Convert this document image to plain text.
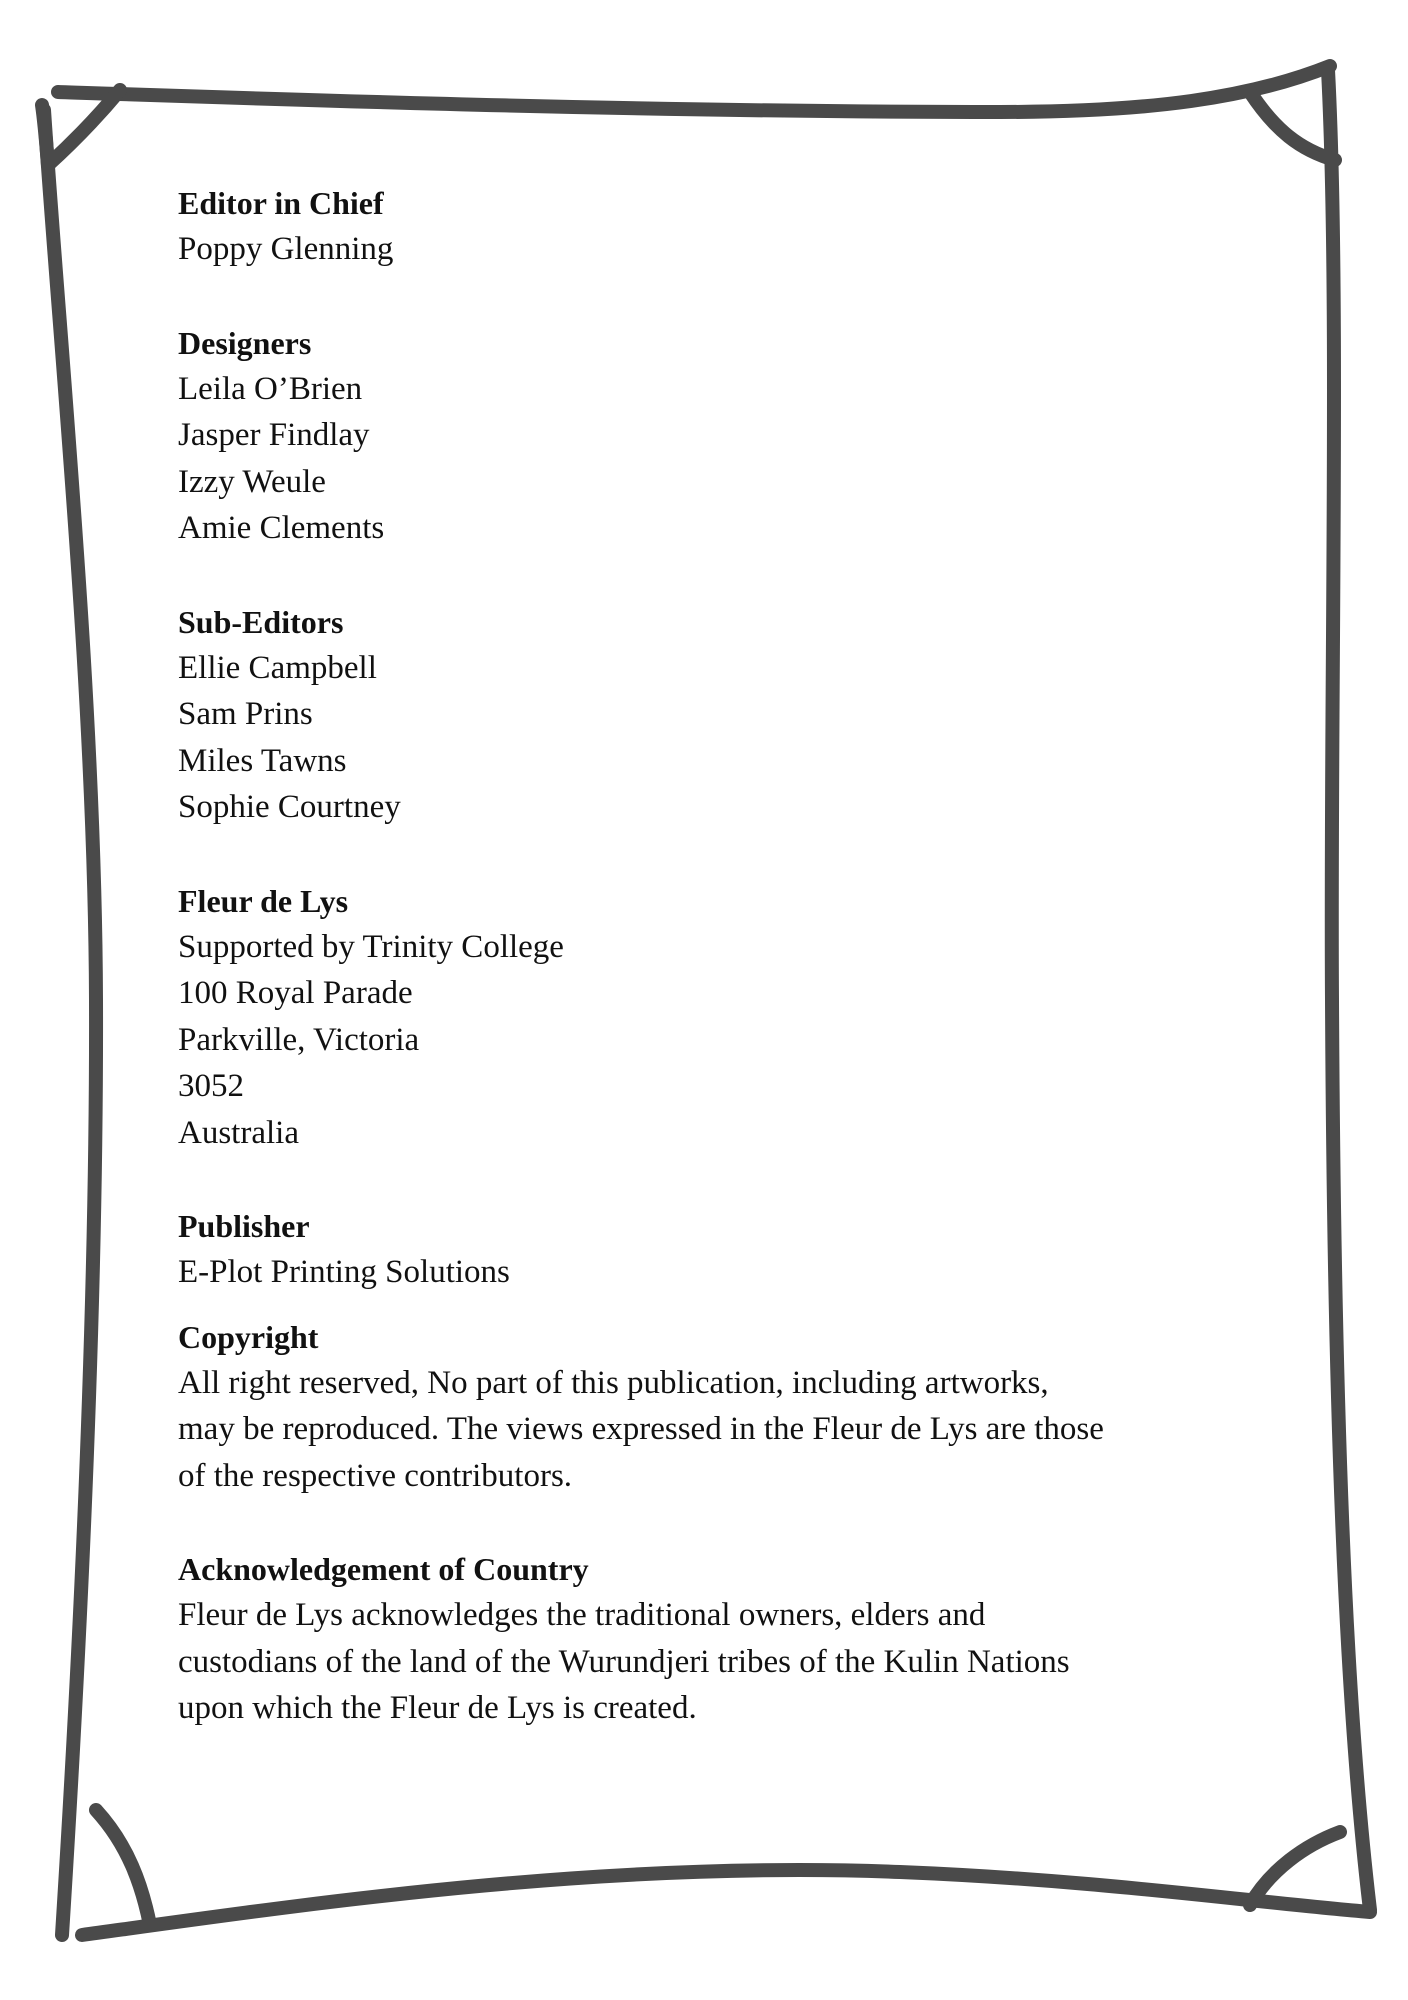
Editor in Chief

Poppy Glenning

Designers

Leila O’Brien

Jasper Findlay

Izzy Weule

Amie Clements

Sub-Editors

Ellie Campbell

Sam Prins

Miles Tawns

Sophie Courtney

Fleur de Lys

Supported by Trinity College

100 Royal Parade

Parkville, Victoria

3052

Australia

Publisher

E-Plot Printing Solutions

Copyright

All right reserved, No part of this publication, including artworks,

may be reproduced. The views expressed in the Fleur de Lys are those

of the respective contributors.

Acknowledgement of Country

Fleur de Lys acknowledges the traditional owners, elders and

custodians of the land of the Wurundjeri tribes of the Kulin Nations

upon which the Fleur de Lys is created.
